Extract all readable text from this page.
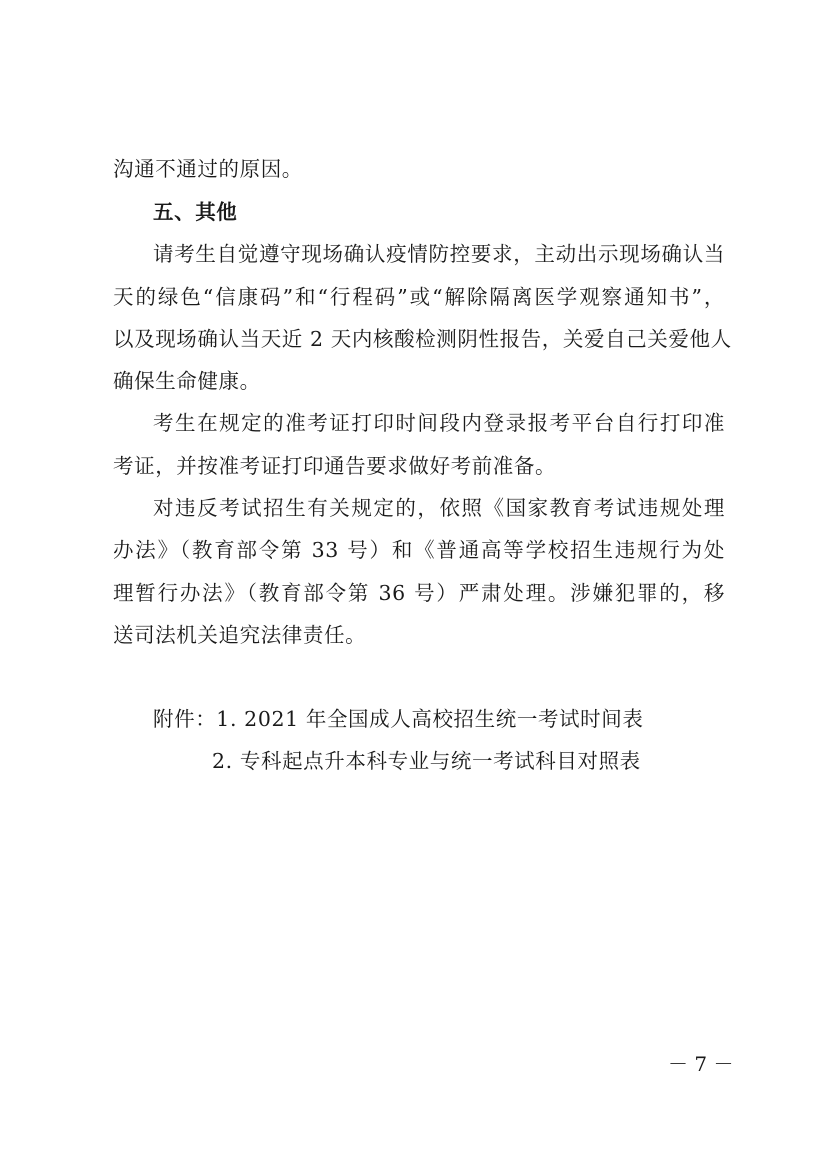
沟通不通过的原因。
五、其他
请考生自觉遵守现场确认疫情防控要求，主动出示现场确认当
天的绿色“信康码”和“行程码”或“解除隔离医学观察通知书”，
以及现场确认当天近 2 天内核酸检测阴性报告，关爱自己关爱他人
确保生命健康。
考生在规定的准考证打印时间段内登录报考平台自行打印准
考证，并按准考证打印通告要求做好考前准备。
对违反考试招生有关规定的，依照《国家教育考试违规处理
办法》（教育部令第 33 号）和《普通高等学校招生违规行为处
理暂行办法》（教育部令第 36 号）严肃处理。涉嫌犯罪的，移
送司法机关追究法律责任。
附件：1. 2021 年全国成人高校招生统一考试时间表
2. 专科起点升本科专业与统一考试科目对照表
－ 7 －
